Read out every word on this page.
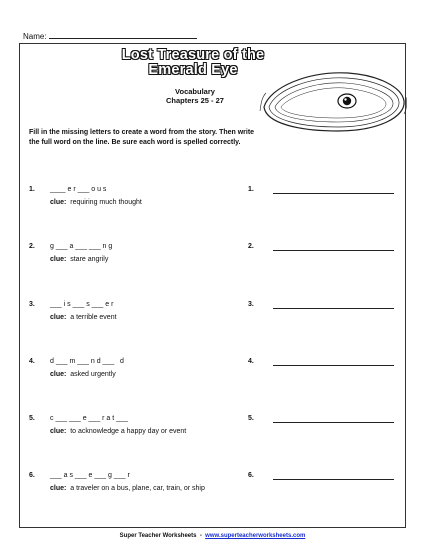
Name:
Lost Treasure of the
Emerald Eye
Vocabulary
Chapters 25 - 27
Fill in the missing letters to create a word from the story. Then write
the full word on the line. Be sure each word is spelled correctly.
1. ____ e r ___ o u s
clue: requiring much thought
1.
2. g ___ a ___ ___ n g
clue: stare angrily
2.
3. ___ i s ___ s ___ e r
clue: a terrible event
3.
4. d ___ m ___ n d ___   d
clue: asked urgently
4.
5. c ___ ___ e ___ r a t ___
clue: to acknowledge a happy day or event
5.
6. ___ a s ___ e ___ g ___ r
clue: a traveler on a bus, plane, car, train, or ship
6.
Super Teacher Worksheets - www.superteacherworksheets.com
